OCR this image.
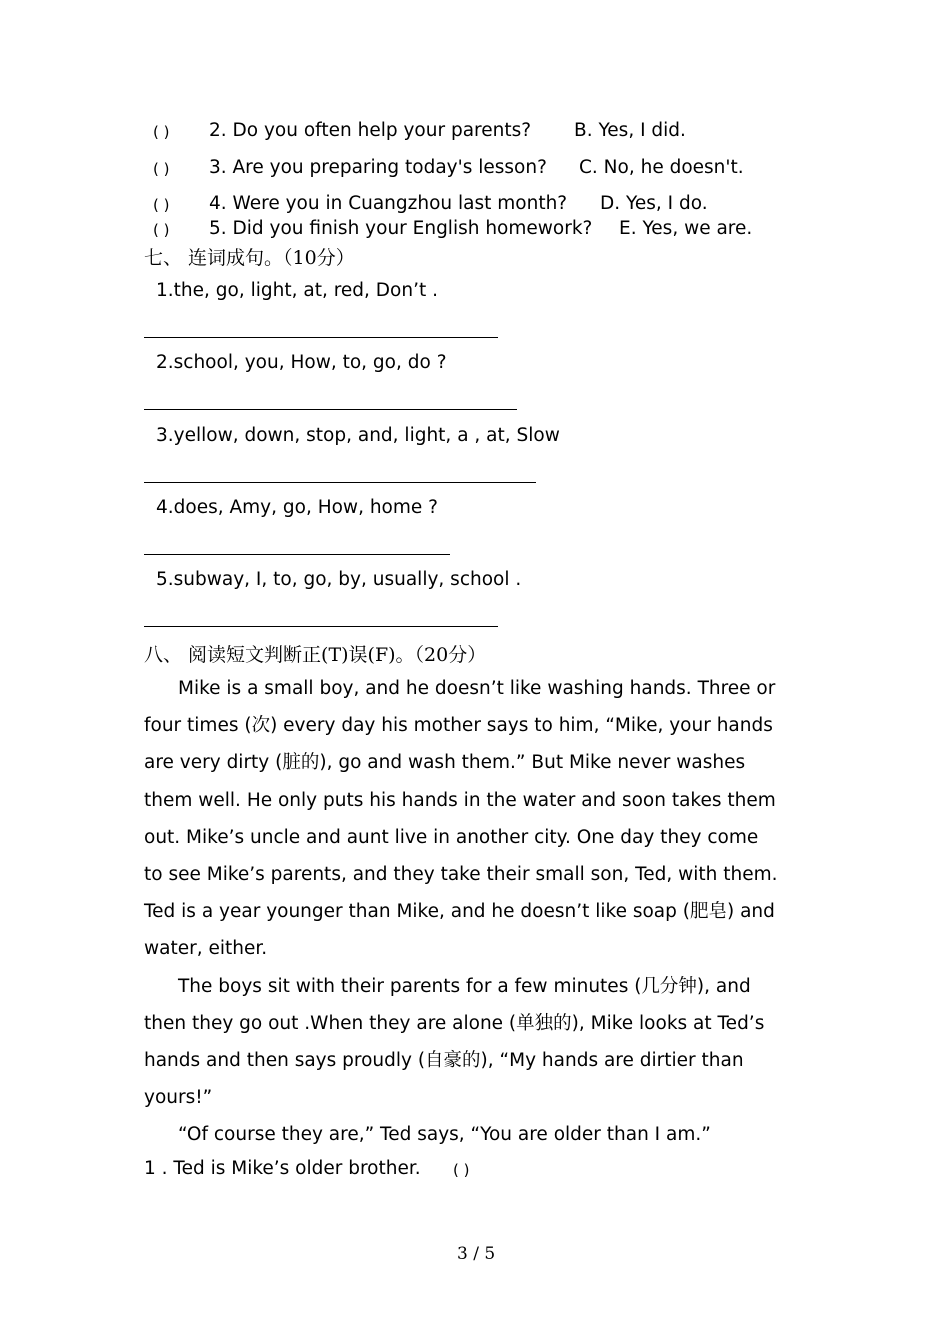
( ) 2. Do you often help your parents? B. Yes, I did.
( ) 3. Are you preparing today's lesson? C. No, he doesn't.
( ) 4. Were you in Cuangzhou last month? D. Yes, I do.
( ) 5. Did you finish your English homework? E. Yes, we are.
七、 连词成句。（10分）
1.the, go, light, at, red, Don’t .
2.school, you, How, to, go, do ?
3.yellow, down, stop, and, light, a , at, Slow
4.does, Amy, go, How, home ?
5.subway, I, to, go, by, usually, school .
八、 阅读短文判断正(T)误(F)。（20分）
Mike is a small boy, and he doesn’t like washing hands. Three or
four times (次) every day his mother says to him, “Mike, your hands
are very dirty (脏的), go and wash them.” But Mike never washes
them well. He only puts his hands in the water and soon takes them
out. Mike’s uncle and aunt live in another city. One day they come
to see Mike’s parents, and they take their small son, Ted, with them.
Ted is a year younger than Mike, and he doesn’t like soap (肥皂) and
water, either.
The boys sit with their parents for a few minutes (几分钟), and
then they go out .When they are alone (单独的), Mike looks at Ted’s
hands and then says proudly (自豪的), “My hands are dirtier than
yours!”
“Of course they are,” Ted says, “You are older than I am.”
1 . Ted is Mike’s older brother. ( )
3 / 5
